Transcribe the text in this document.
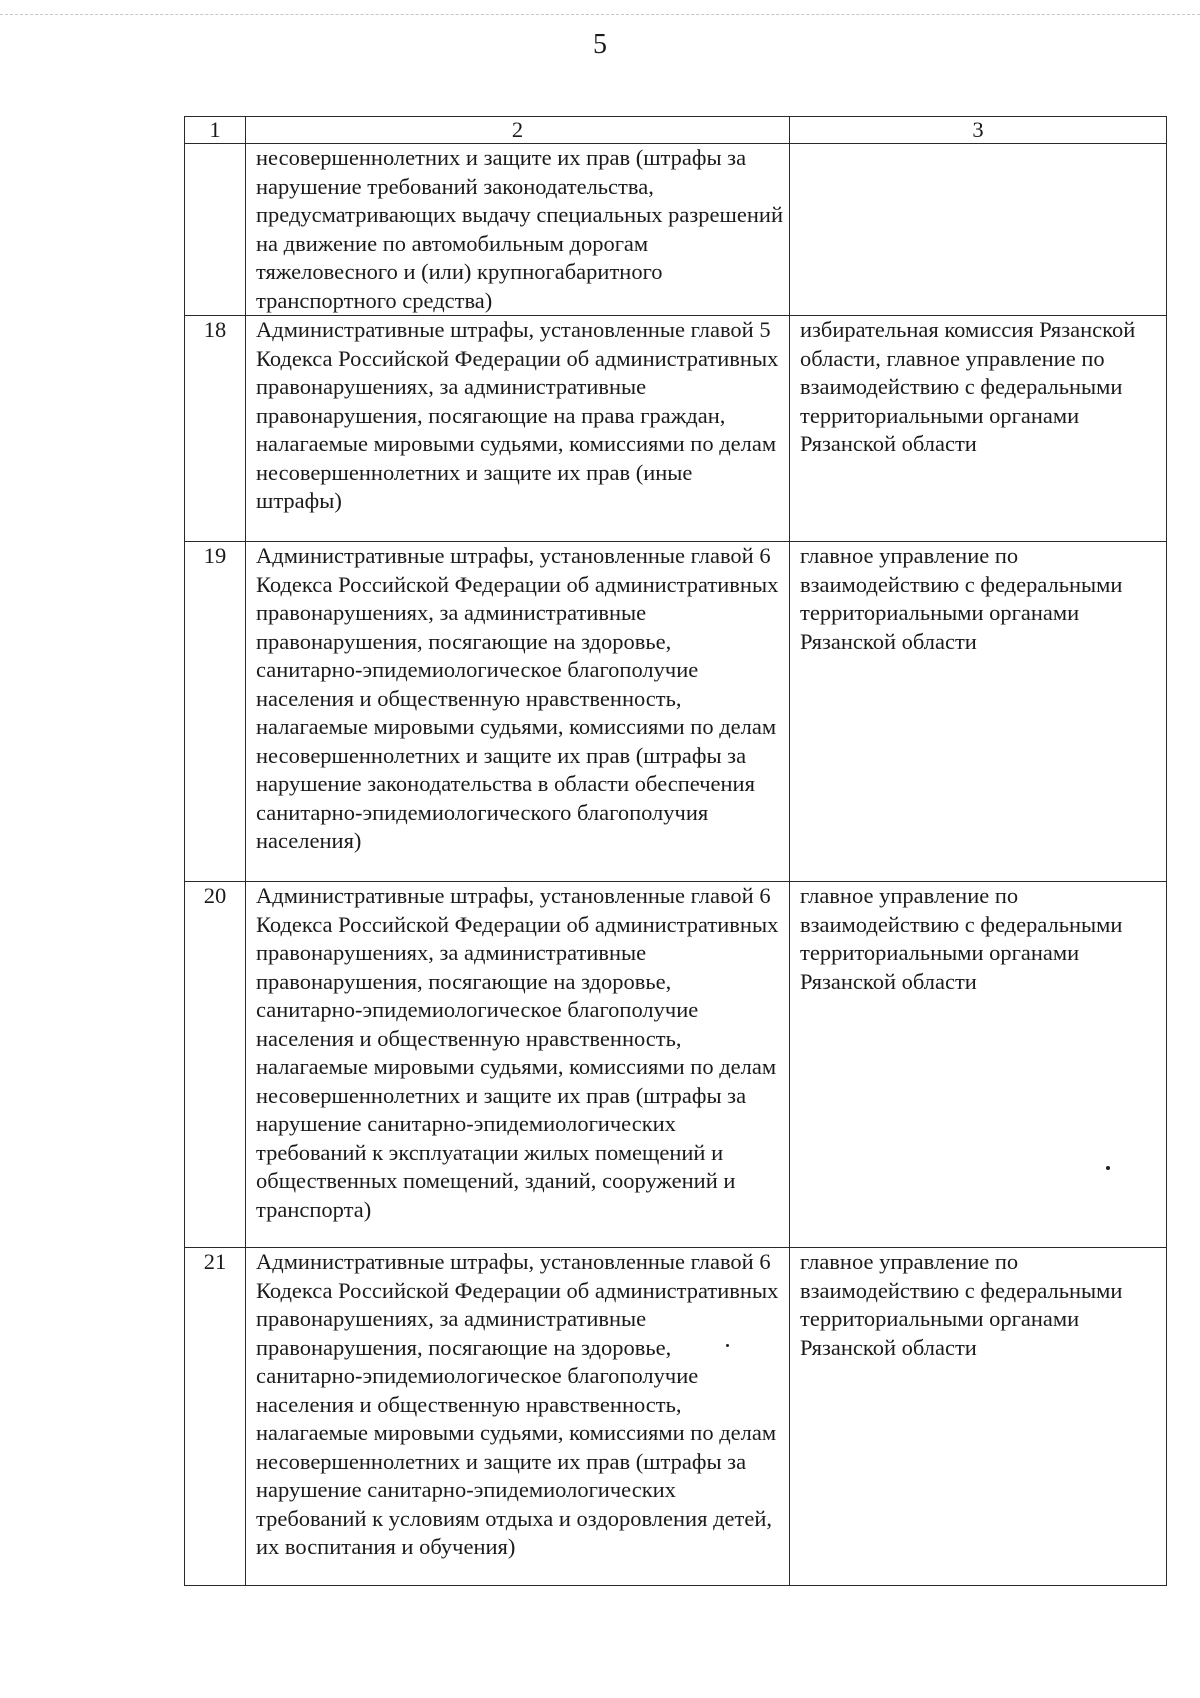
5
1	2	3

	несовершеннолетних и защите их прав (штрафы за нарушение требований законодательства, предусматривающих выдачу специальных разрешений на движение по автомобильным дорогам тяжеловесного и (или) крупногабаритного транспортного средства)	

18	Административные штрафы, установленные главой 5 Кодекса Российской Федерации об административных правонарушениях, за административные правонарушения, посягающие на права граждан, налагаемые мировыми судьями, комиссиями по делам несовершеннолетних и защите их прав (иные штрафы)	избирательная комиссия Рязанской области, главное управление по взаимодействию с федеральными территориальными органами Рязанской области
19	Административные штрафы, установленные главой 6 Кодекса Российской Федерации об административных правонарушениях, за административные правонарушения, посягающие на здоровье, санитарно-эпидемиологическое благополучие населения и общественную нравственность, налагаемые мировыми судьями, комиссиями по делам несовершеннолетних и защите их прав (штрафы за нарушение законодательства в области обеспечения санитарно-эпидемиологического благополучия населения)	главное управление по взаимодействию с федеральными территориальными органами Рязанской области
20	Административные штрафы, установленные главой 6 Кодекса Российской Федерации об административных правонарушениях, за административные правонарушения, посягающие на здоровье, санитарно-эпидемиологическое благополучие населения и общественную нравственность, налагаемые мировыми судьями, комиссиями по делам несовершеннолетних и защите их прав (штрафы за нарушение санитарно-эпидемиологических требований к эксплуатации жилых помещений и общественных помещений, зданий, сооружений и транспорта)	главное управление по взаимодействию с федеральными территориальными органами Рязанской области
21	Административные штрафы, установленные главой 6 Кодекса Российской Федерации об административных правонарушениях, за административные правонарушения, посягающие на здоровье, санитарно-эпидемиологическое благополучие населения и общественную нравственность, налагаемые мировыми судьями, комиссиями по делам несовершеннолетних и защите их прав (штрафы за нарушение санитарно-эпидемиологических требований к условиям отдыха и оздоровления детей, их воспитания и обучения)	главное управление по взаимодействию с федеральными территориальными органами Рязанской области
